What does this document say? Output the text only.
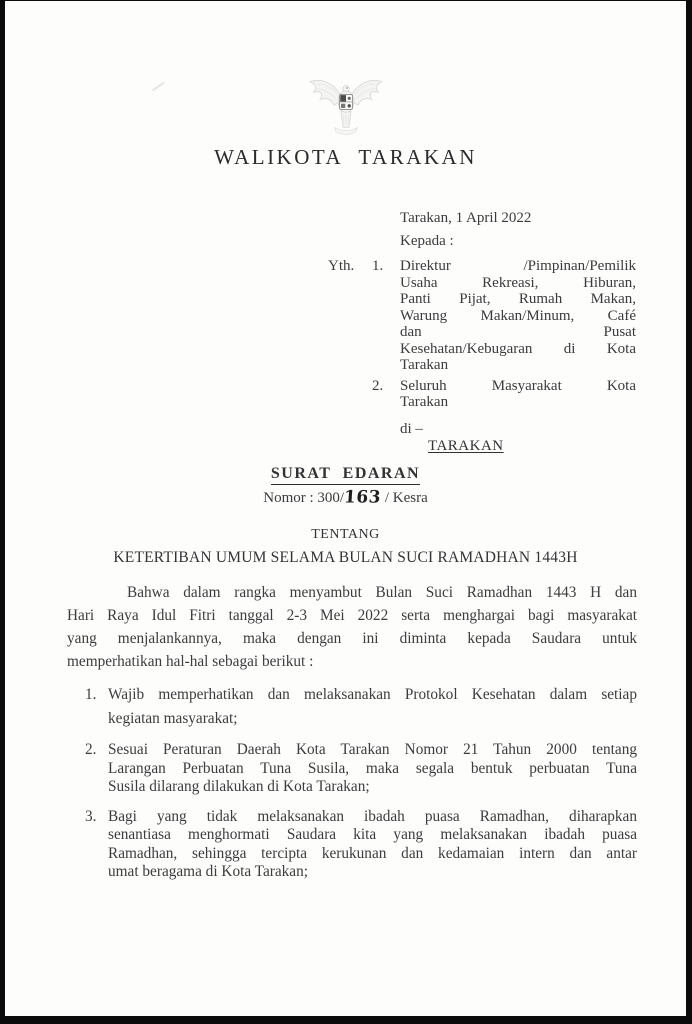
WALIKOTA TARAKAN
Tarakan, 1 April 2022
Kepada :
Yth. 1. Direktur /Pimpinan/Pemilik
Usaha Rekreasi, Hiburan,
Panti Pijat, Rumah Makan,
Warung Makan/Minum, Café
dan Pusat
Kesehatan/Kebugaran di Kota
Tarakan
2. Seluruh Masyarakat Kota
Tarakan
di –
TARAKAN
SURAT EDARAN
Nomor : 300/163 / Kesra
TENTANG
KETERTIBAN UMUM SELAMA BULAN SUCI RAMADHAN 1443H
Bahwa dalam rangka menyambut Bulan Suci Ramadhan 1443 H dan
Hari Raya Idul Fitri tanggal 2-3 Mei 2022 serta menghargai bagi masyarakat
yang menjalankannya, maka dengan ini diminta kepada Saudara untuk
memperhatikan hal-hal sebagai berikut :
1. Wajib memperhatikan dan melaksanakan Protokol Kesehatan dalam setiap
kegiatan masyarakat;
2. Sesuai Peraturan Daerah Kota Tarakan Nomor 21 Tahun 2000 tentang
Larangan Perbuatan Tuna Susila, maka segala bentuk perbuatan Tuna
Susila dilarang dilakukan di Kota Tarakan;
3. Bagi yang tidak melaksanakan ibadah puasa Ramadhan, diharapkan
senantiasa menghormati Saudara kita yang melaksanakan ibadah puasa
Ramadhan, sehingga tercipta kerukunan dan kedamaian intern dan antar
umat beragama di Kota Tarakan;
